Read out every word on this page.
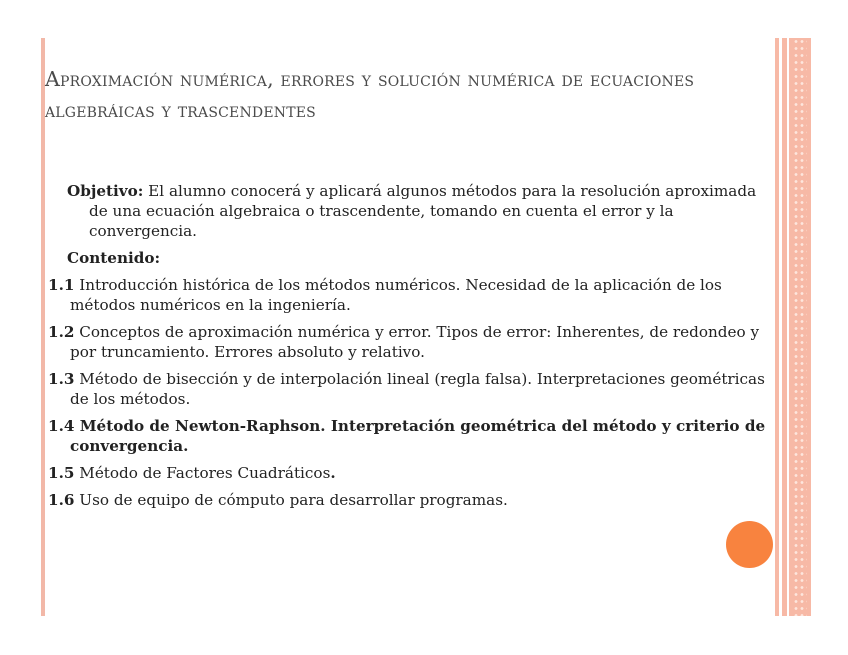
Aproximación numérica, errores y solución numérica de ecuaciones algebráicas y trascendentes

Objetivo: El alumno conocerá y aplicará algunos métodos para la resolución aproximada de una ecuación algebraica o trascendente, tomando en cuenta el error y la convergencia.

Contenido:

1.1 Introducción histórica de los métodos numéricos. Necesidad de la aplicación de los métodos numéricos en la ingeniería.

1.2 Conceptos de aproximación numérica y error. Tipos de error: Inherentes, de redondeo y por truncamiento. Errores absoluto y relativo.

1.3 Método de bisección y de interpolación lineal (regla falsa). Interpretaciones geométricas de los métodos.

1.4 Método de Newton-Raphson. Interpretación geométrica del método y criterio de convergencia.

1.5 Método de Factores Cuadráticos.

1.6 Uso de equipo de cómputo para desarrollar programas.
